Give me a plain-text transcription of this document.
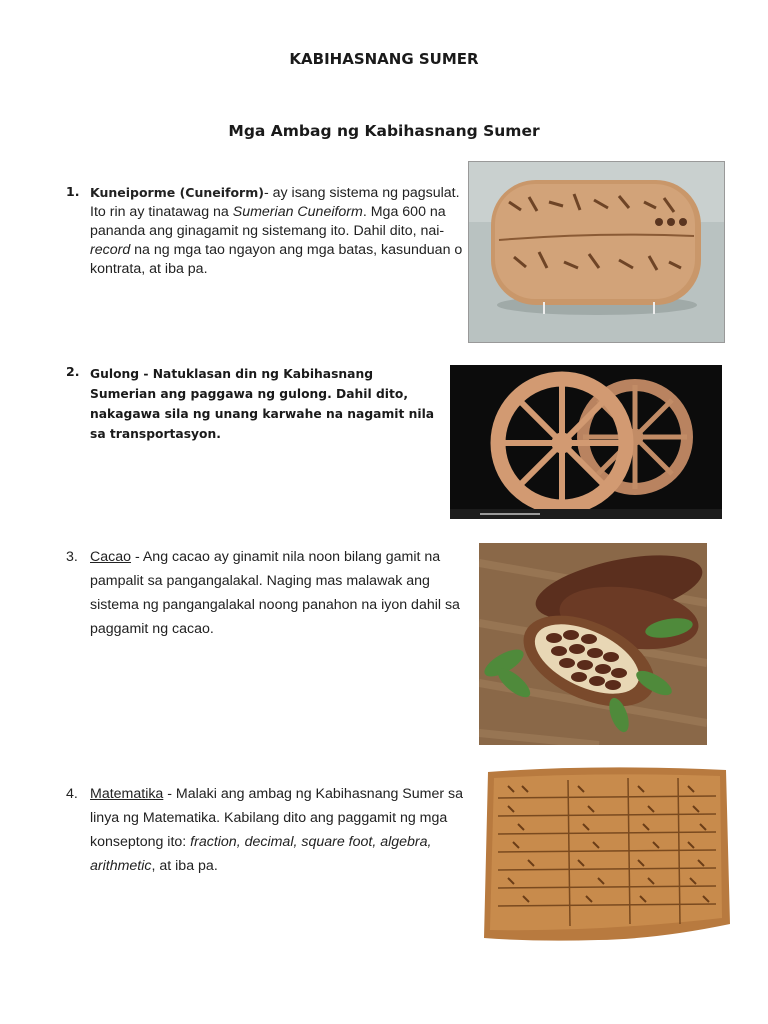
KABIHASNANG SUMER
Mga Ambag ng Kabihasnang Sumer
1. Kuneiporme (Cuneiform)- ay isang sistema ng pagsulat. Ito rin ay tinatawag na Sumerian Cuneiform. Mga 600 na pananda ang ginagamit ng sistemang ito. Dahil dito, nai-record na ng mga tao ngayon ang mga batas, kasunduan o kontrata, at iba pa.
2. Gulong - Natuklasan din ng Kabihasnang Sumerian ang paggawa ng gulong. Dahil dito, nakagawa sila ng unang karwahe na nagamit nila sa transportasyon.
3. Cacao - Ang cacao ay ginamit nila noon bilang gamit na pampalit sa pangangalakal. Naging mas malawak ang sistema ng pangangalakal noong panahon na iyon dahil sa paggamit ng cacao.
4. Matematika - Malaki ang ambag ng Kabihasnang Sumer sa linya ng Matematika. Kabilang dito ang paggamit ng mga konseptong ito: fraction, decimal, square foot, algebra, arithmetic, at iba pa.
